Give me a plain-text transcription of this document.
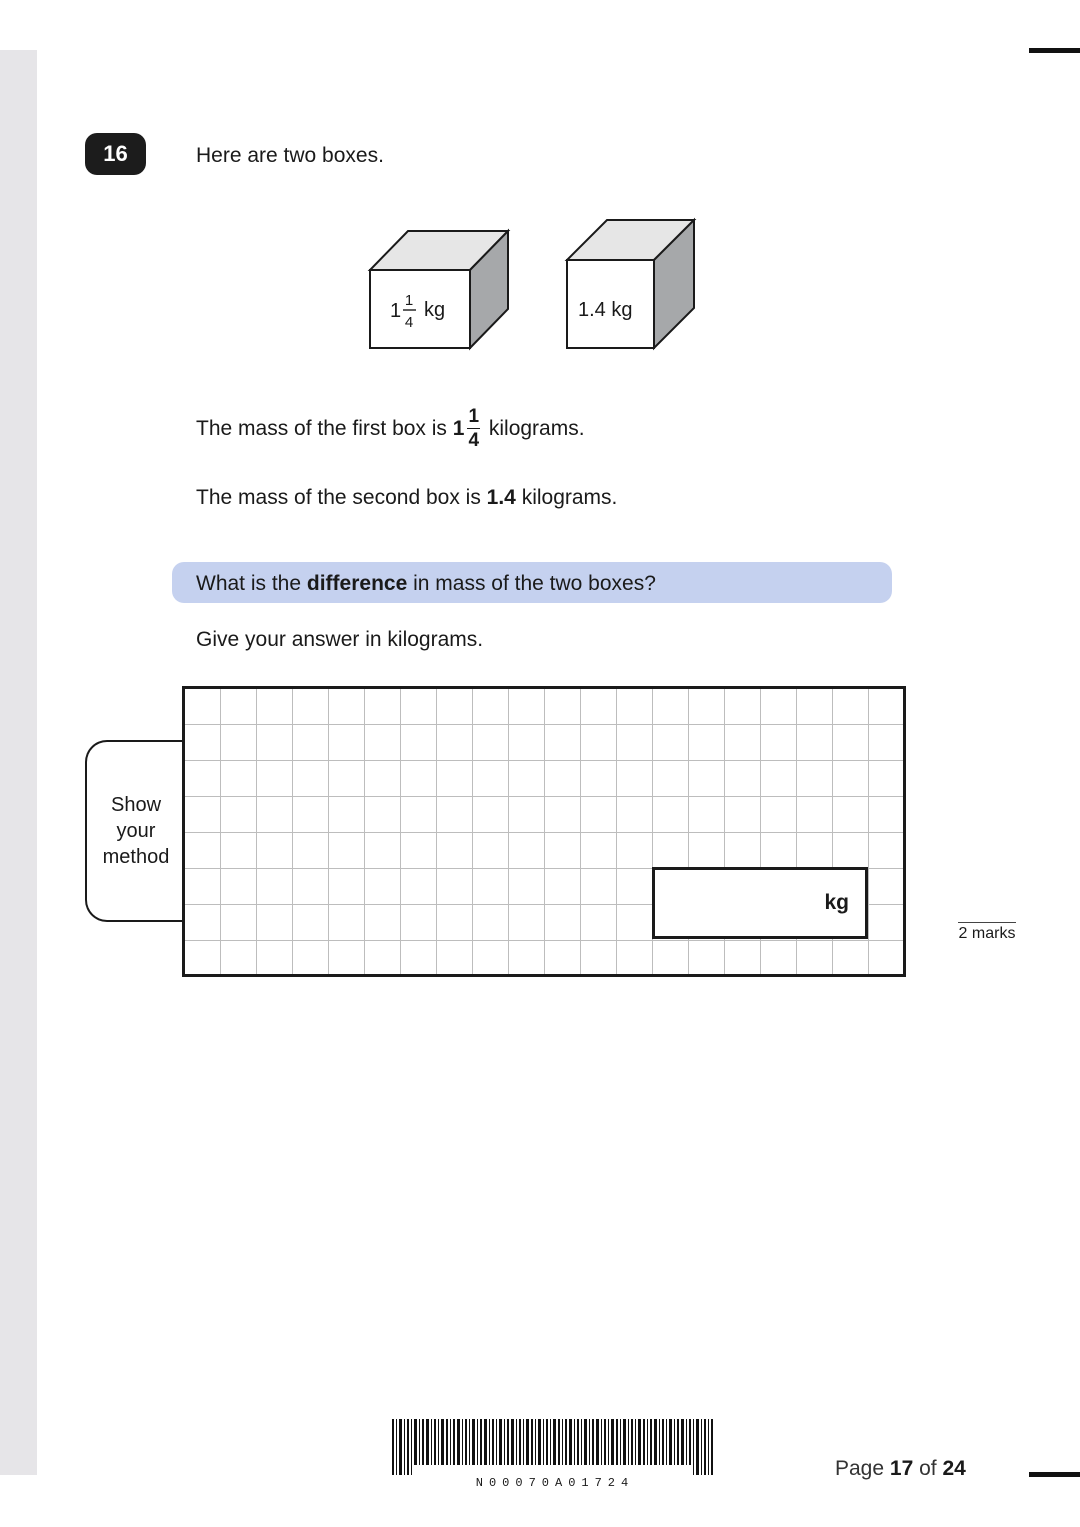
16	Here are two boxes.
1 1
4
kg	1.4 kg
The mass of the first box is $1 \frac{1}{4}$ kilograms.
The mass of the second box is 1.4 kilograms.
What is the difference in mass of the two boxes?
Give your answer in kilograms.
Show
your
method
kg
2 marks
N00070A01724
Page 17 of 24
